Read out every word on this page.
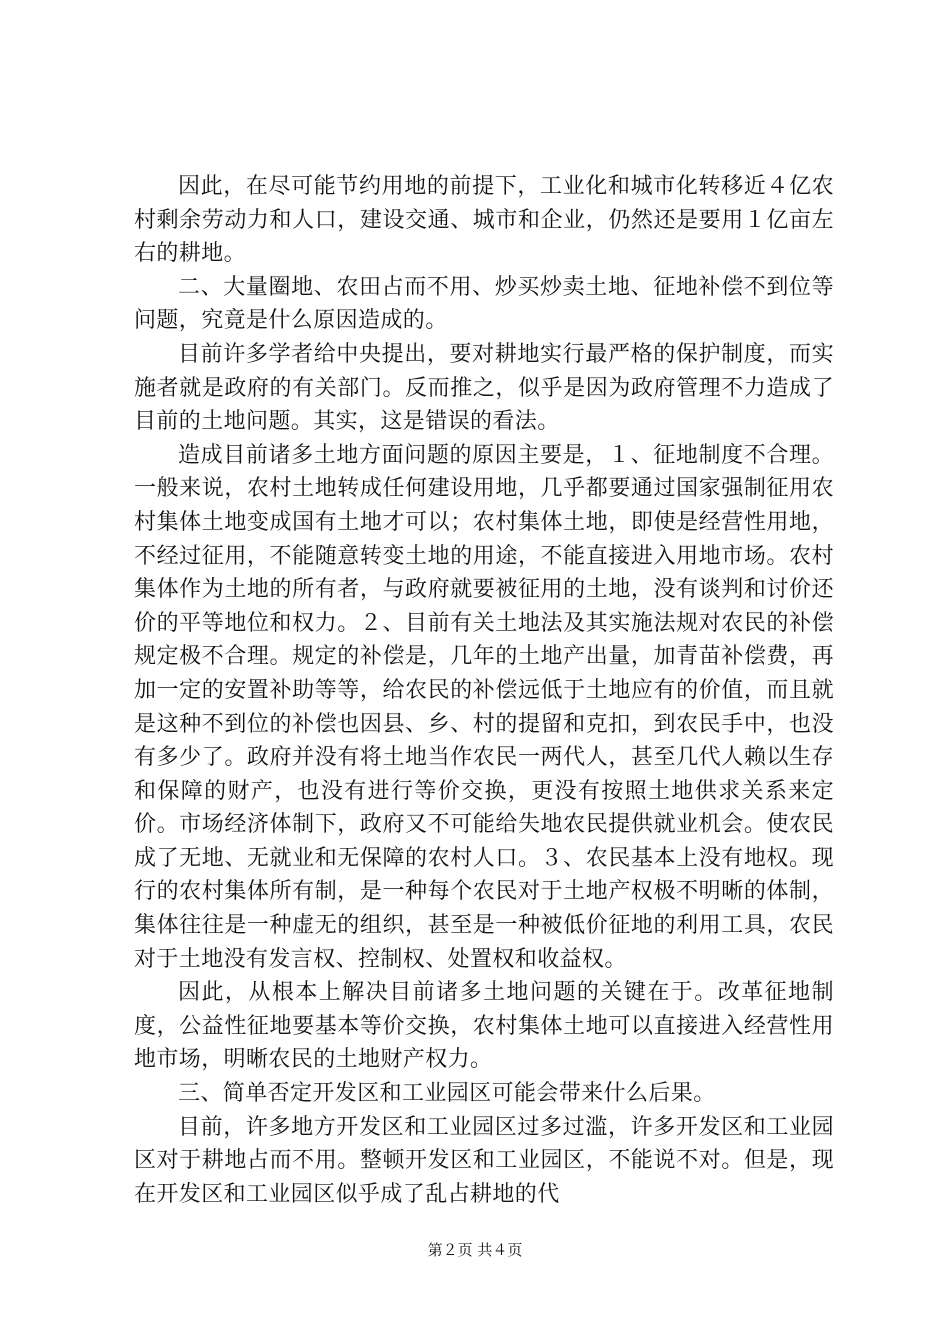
因此，在尽可能节约用地的前提下，工业化和城市化转移近４亿农村剩余劳动力和人口，建设交通、城市和企业，仍然还是要用１亿亩左右的耕地。

二、大量圈地、农田占而不用、炒买炒卖土地、征地补偿不到位等问题，究竟是什么原因造成的。

目前许多学者给中央提出，要对耕地实行最严格的保护制度，而实施者就是政府的有关部门。反而推之，似乎是因为政府管理不力造成了目前的土地问题。其实，这是错误的看法。

造成目前诸多土地方面问题的原因主要是，１、征地制度不合理。一般来说，农村土地转成任何建设用地，几乎都要通过国家强制征用农村集体土地变成国有土地才可以；农村集体土地，即使是经营性用地，不经过征用，不能随意转变土地的用途，不能直接进入用地市场。农村集体作为土地的所有者，与政府就要被征用的土地，没有谈判和讨价还价的平等地位和权力。２、目前有关土地法及其实施法规对农民的补偿规定极不合理。规定的补偿是，几年的土地产出量，加青苗补偿费，再加一定的安置补助等等，给农民的补偿远低于土地应有的价值，而且就是这种不到位的补偿也因县、乡、村的提留和克扣，到农民手中，也没有多少了。政府并没有将土地当作农民一两代人，甚至几代人赖以生存和保障的财产，也没有进行等价交换，更没有按照土地供求关系来定价。市场经济体制下，政府又不可能给失地农民提供就业机会。使农民成了无地、无就业和无保障的农村人口。３、农民基本上没有地权。现行的农村集体所有制，是一种每个农民对于土地产权极不明晰的体制，集体往往是一种虚无的组织，甚至是一种被低价征地的利用工具，农民对于土地没有发言权、控制权、处置权和收益权。

因此，从根本上解决目前诸多土地问题的关键在于。改革征地制度，公益性征地要基本等价交换，农村集体土地可以直接进入经营性用地市场，明晰农民的土地财产权力。

三、简单否定开发区和工业园区可能会带来什么后果。

目前，许多地方开发区和工业园区过多过滥，许多开发区和工业园区对于耕地占而不用。整顿开发区和工业园区，不能说不对。但是，现在开发区和工业园区似乎成了乱占耕地的代

第２页 共４页
